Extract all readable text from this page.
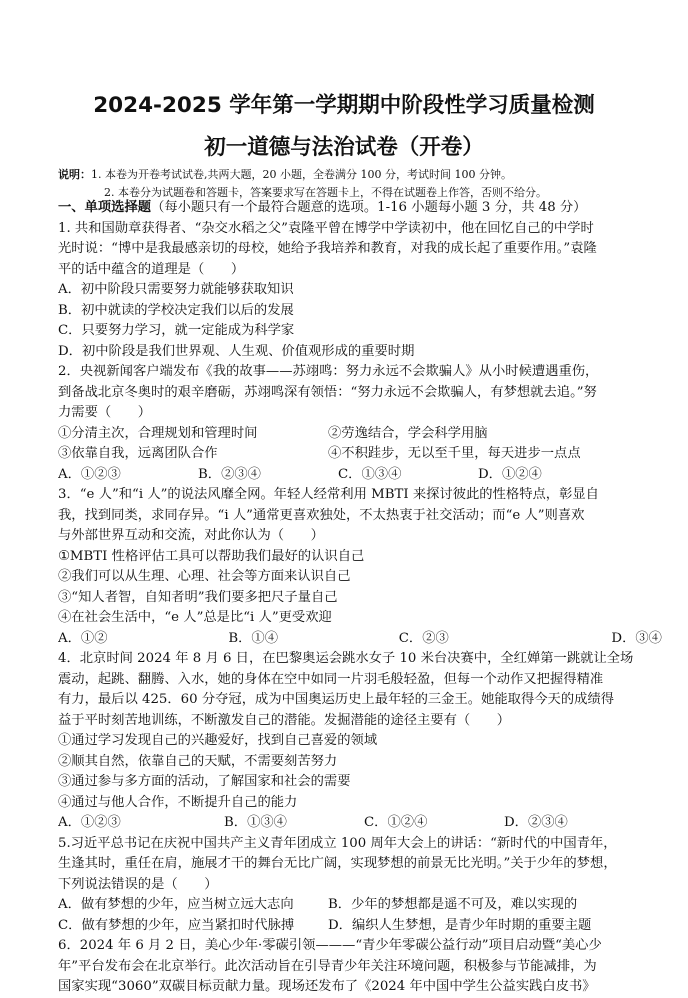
2024-2025 学年第一学期期中阶段性学习质量检测
初一道德与法治试卷（开卷）
说明：1. 本卷为开卷考试试卷,共两大题，20 小题，全卷满分 100 分，考试时间 100 分钟。
2. 本卷分为试题卷和答题卡，答案要求写在答题卡上，不得在试题卷上作答，否则不给分。
一、单项选择题（每小题只有一个最符合题意的选项。1-16 小题每小题 3 分，共 48 分）
1. 共和国勋章获得者、“杂交水稻之父”袁隆平曾在博学中学读初中，他在回忆自己的中学时
光时说：“博中是我最感亲切的母校，她给予我培养和教育，对我的成长起了重要作用。”袁隆
平的话中蕴含的道理是（　　）
A．初中阶段只需要努力就能够获取知识
B．初中就读的学校决定我们以后的发展
C．只要努力学习，就一定能成为科学家
D．初中阶段是我们世界观、人生观、价值观形成的重要时期
2．央视新闻客户端发布《我的故事——苏翊鸣：努力永远不会欺骗人》从小时候遭遇重伤，
到备战北京冬奥时的艰辛磨砺，苏翊鸣深有领悟：“努力永远不会欺骗人，有梦想就去追。”努
力需要（　　）
①分清主次，合理规划和管理时间	②劳逸结合，学会科学用脑
③依靠自我，远离团队合作	④不积跬步，无以至千里，每天进步一点点
A．①②③	B．②③④	C．①③④	D．①②④
3．“e 人”和“i 人”的说法风靡全网。年轻人经常利用 MBTI 来探讨彼此的性格特点，彰显自
我，找到同类，求同存异。“i 人”通常更喜欢独处，不太热衷于社交活动；而“e 人”则喜欢
与外部世界互动和交流，对此你认为（　　）
①MBTI 性格评估工具可以帮助我们最好的认识自己
②我们可以从生理、心理、社会等方面来认识自己
③“知人者智，自知者明”我们要多把尺子量自己
④在社会生活中，“e 人”总是比“i 人”更受欢迎
A．①②	B．①④	C．②③	D．③④
4．北京时间 2024 年 8 月 6 日，在巴黎奥运会跳水女子 10 米台决赛中，全红婵第一跳就让全场
震动，起跳、翻腾、入水，她的身体在空中如同一片羽毛般轻盈，但每一个动作又把握得精准
有力，最后以 425．60 分夺冠，成为中国奥运历史上最年轻的三金王。她能取得今天的成绩得
益于平时刻苦地训练，不断激发自己的潜能。发掘潜能的途径主要有（　　）
①通过学习发现自己的兴趣爱好，找到自己喜爱的领域
②顺其自然，依靠自己的天赋，不需要刻苦努力
③通过参与多方面的活动，了解国家和社会的需要
④通过与他人合作，不断提升自己的能力
A．①②③	B．①③④	C．①②④	D．②③④
5.习近平总书记在庆祝中国共产主义青年团成立 100 周年大会上的讲话：“新时代的中国青年，
生逢其时，重任在肩，施展才干的舞台无比广阔，实现梦想的前景无比光明。”关于少年的梦想，
下列说法错误的是（　　）
A．做有梦想的少年，应当树立远大志向	B．少年的梦想都是遥不可及，难以实现的
C．做有梦想的少年，应当紧扣时代脉搏	D．编织人生梦想，是青少年时期的重要主题
6．2024 年 6 月 2 日，美心少年·零碳引领———“青少年零碳公益行动”项目启动暨“美心少
年”平台发布会在北京举行。此次活动旨在引导青少年关注环境问题，积极参与节能减排，为
国家实现“3060”双碳目标贡献力量。现场还发布了《2024 年中国中学生公益实践白皮书》
